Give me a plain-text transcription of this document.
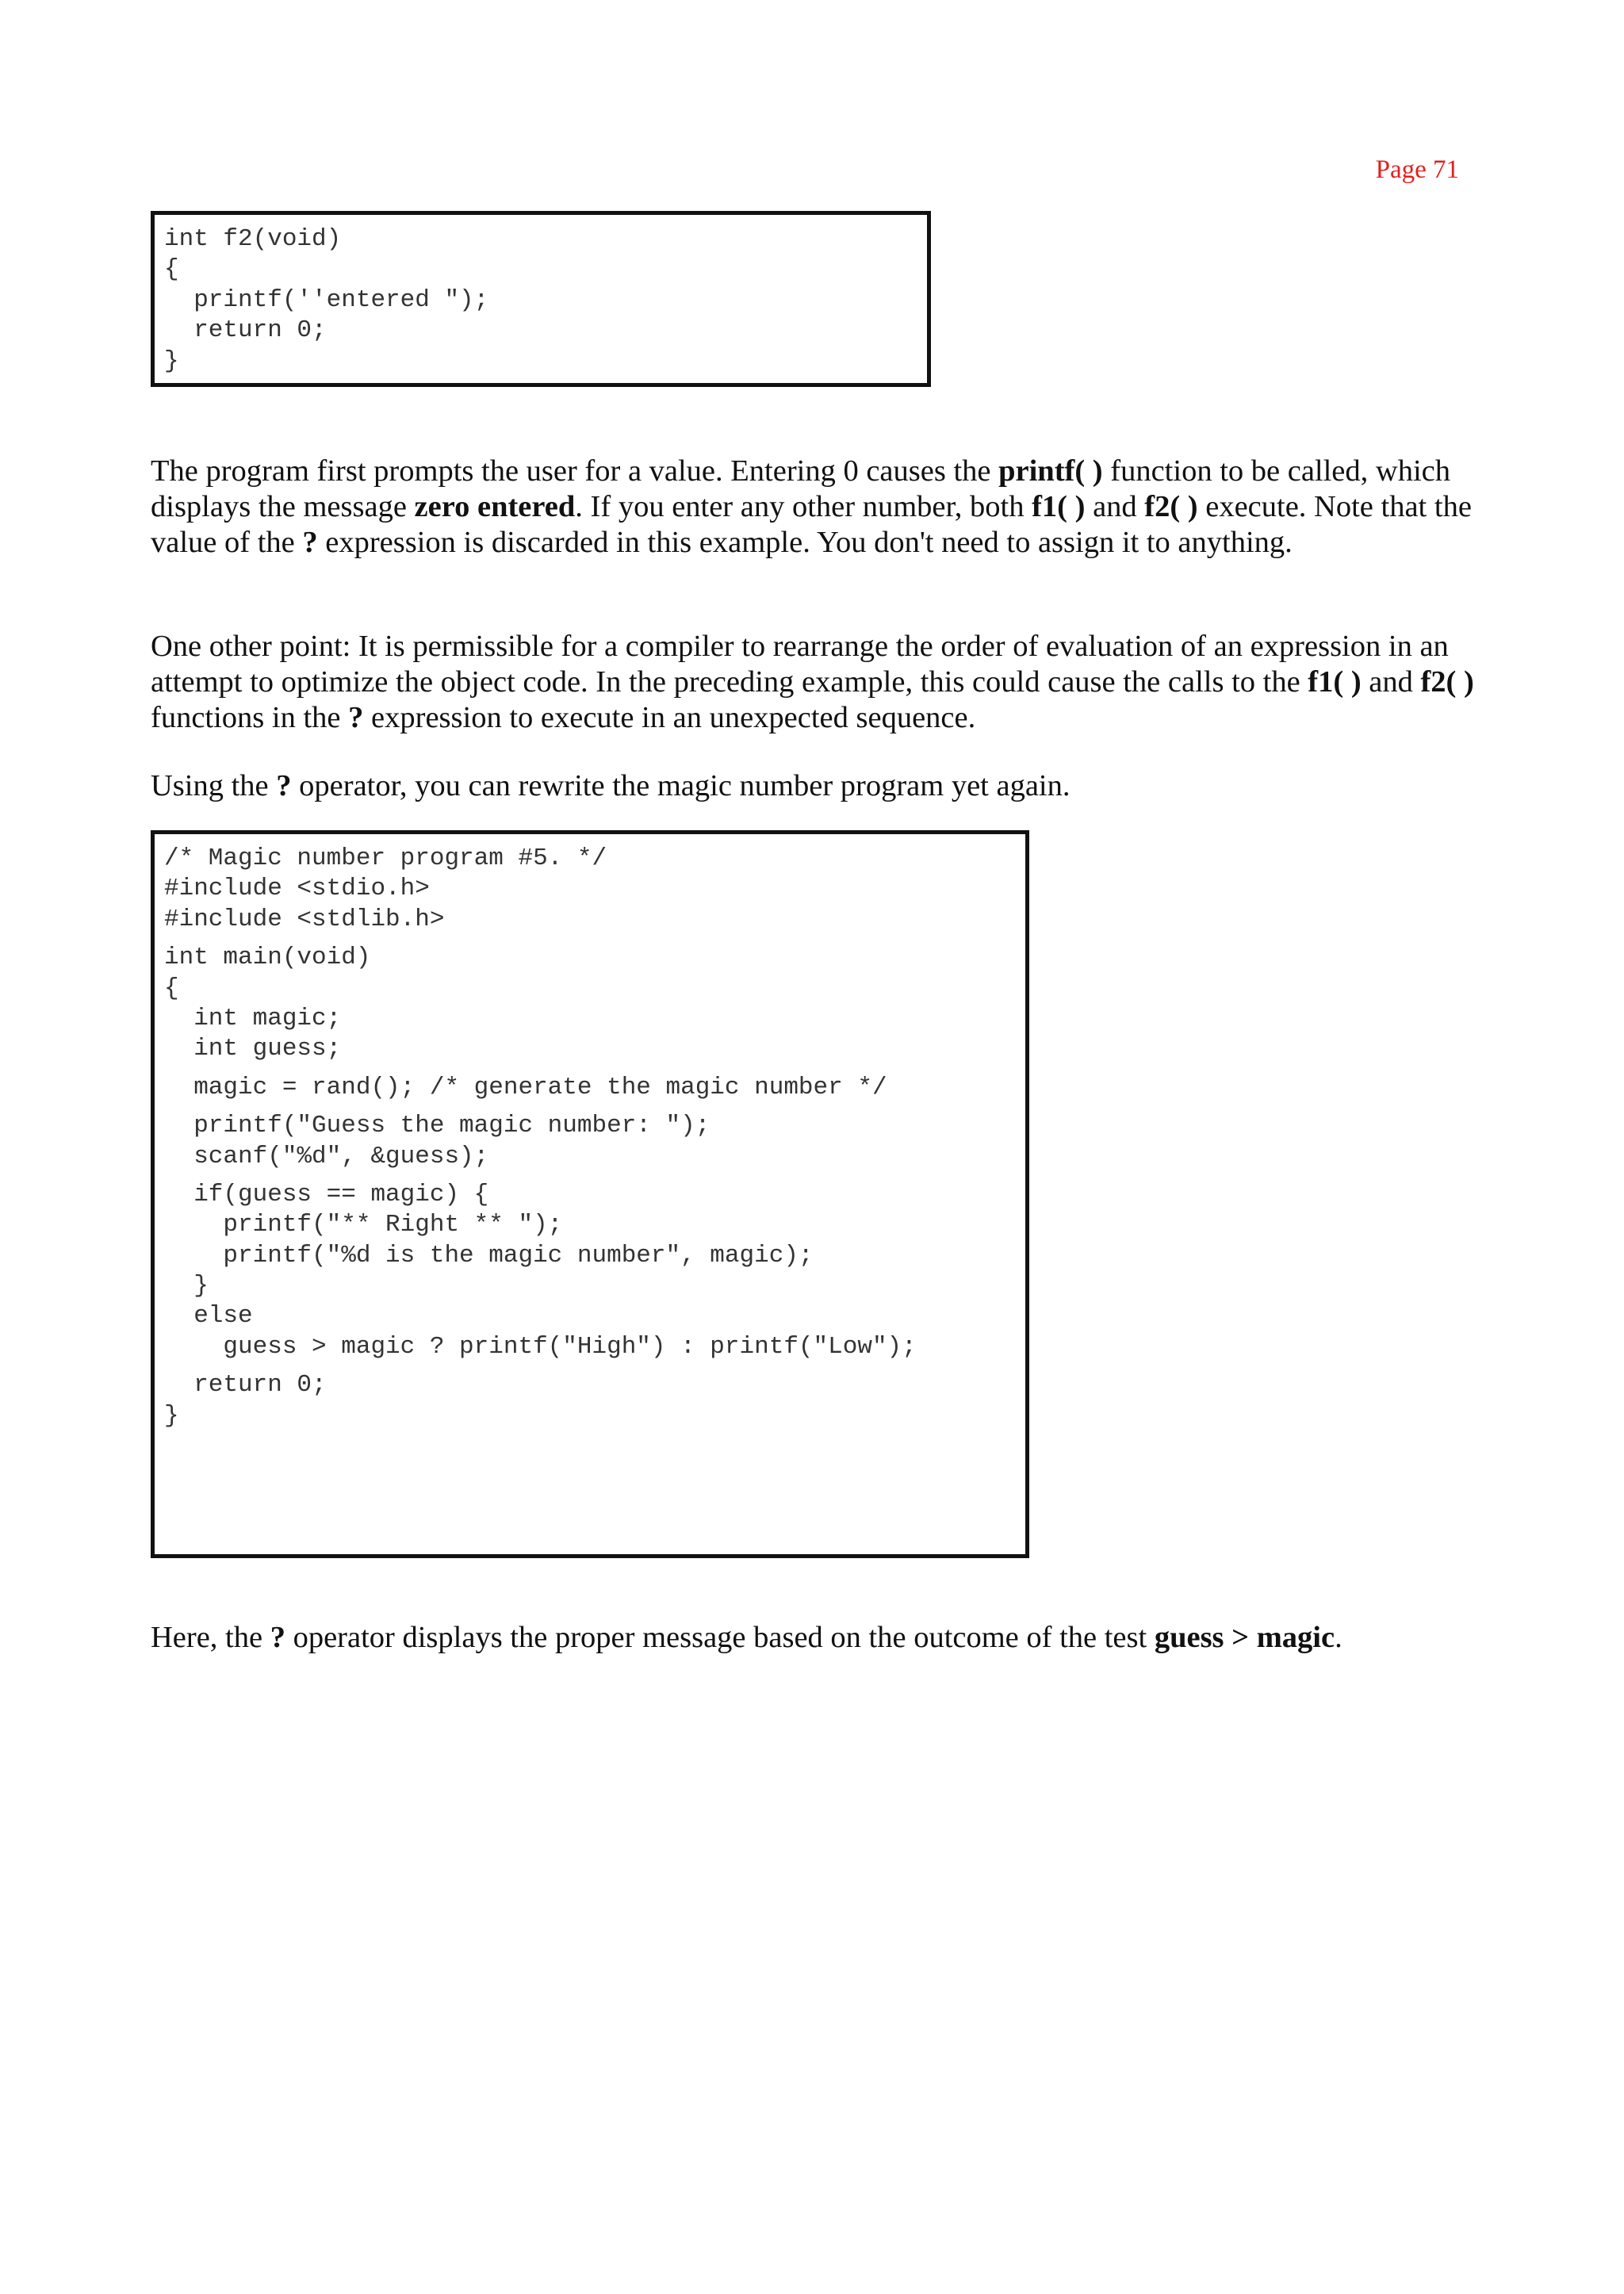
Page 71
int f2(void)
{
printf(''entered ");
return 0;
}

The program first prompts the user for a value. Entering 0 causes the printf( ) function to be called, which displays the message zero entered. If you enter any other number, both f1( ) and f2( ) execute. Note that the value of the ? expression is discarded in this example. You don't need to assign it to anything.

One other point: It is permissible for a compiler to rearrange the order of evaluation of an expression in an attempt to optimize the object code. In the preceding example, this could cause the calls to the f1( ) and f2( ) functions in the ? expression to execute in an unexpected sequence.

Using the ? operator, you can rewrite the magic number program yet again.

/* Magic number program #5. */
#include <stdio.h>
#include <stdlib.h>
int main(void)
{
int magic;
int guess;
magic = rand(); /* generate the magic number */
printf("Guess the magic number: ");
scanf("%d", &guess);
if(guess == magic) {
printf("** Right ** ");
printf("%d is the magic number", magic);
}
else
guess > magic ? printf("High") : printf("Low");
return 0;
}

Here, the ? operator displays the proper message based on the outcome of the test guess > magic.
